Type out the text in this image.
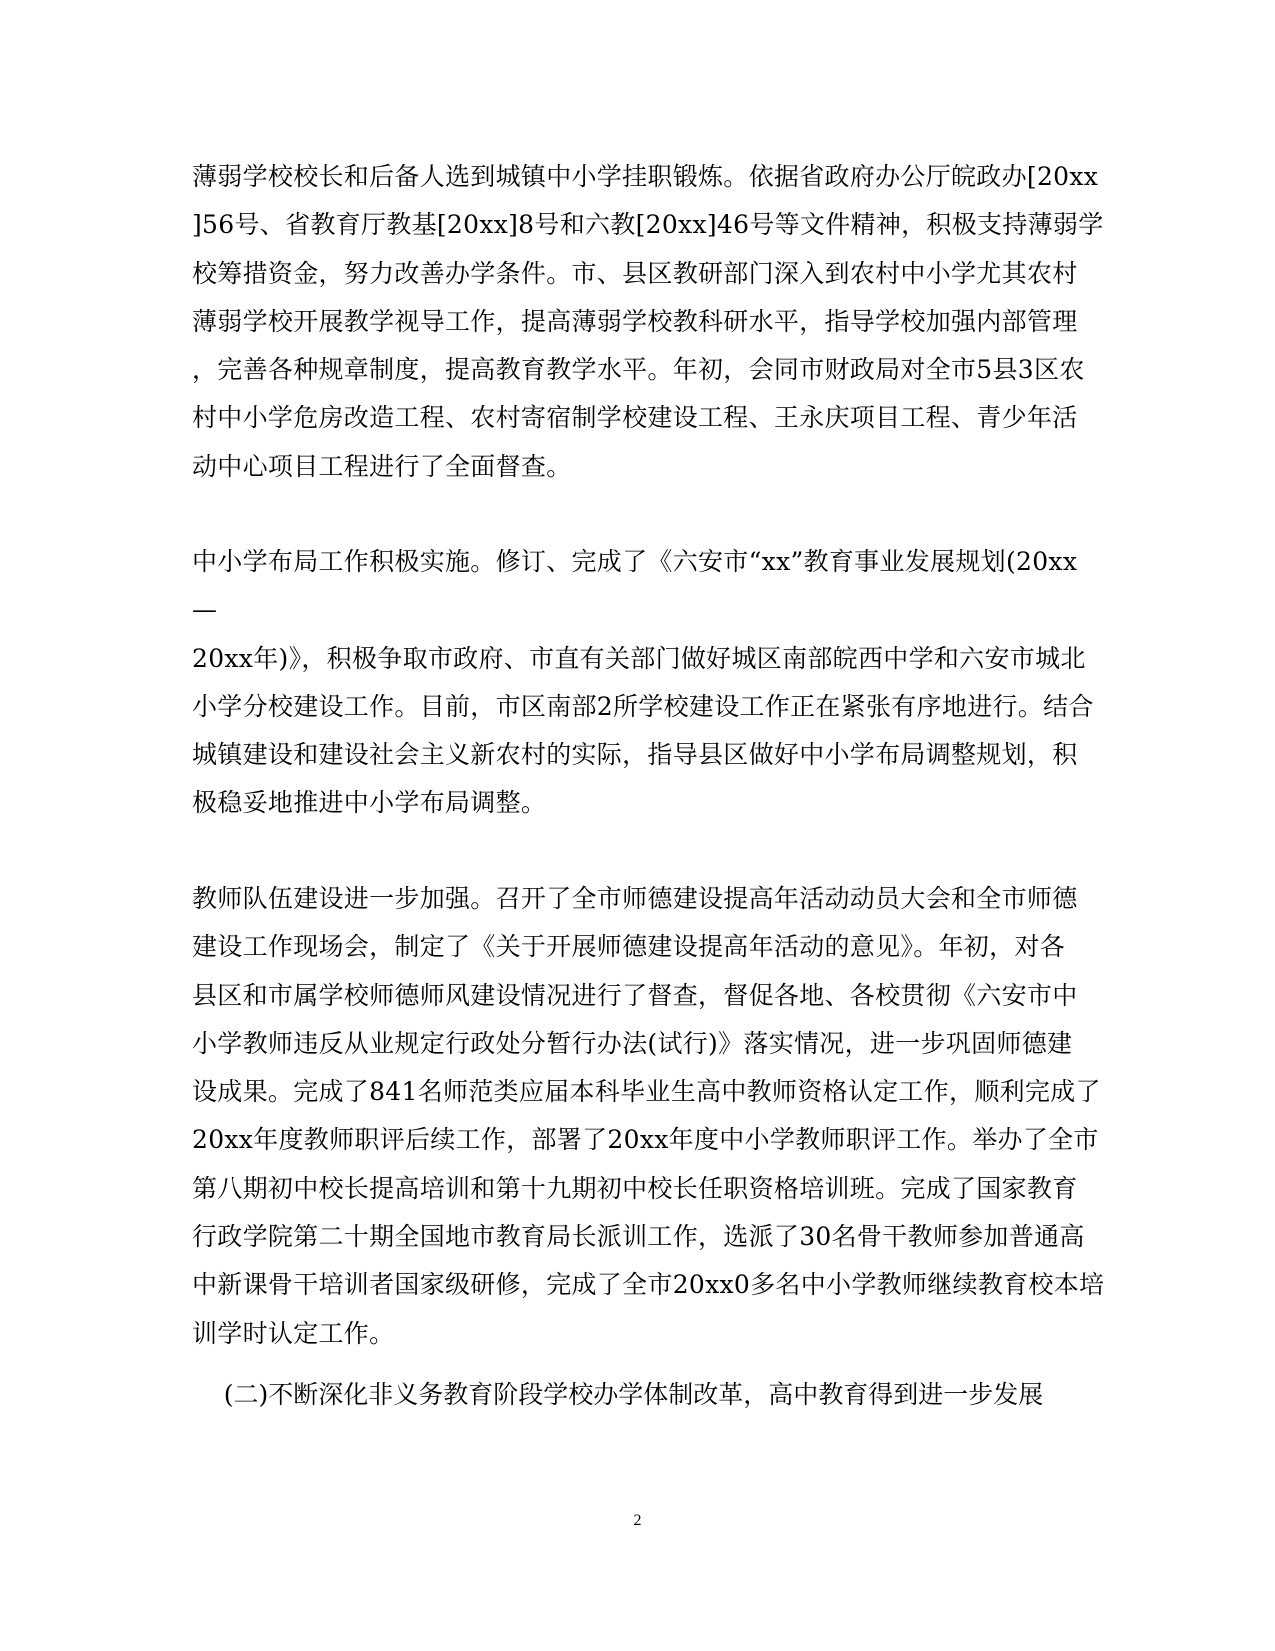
薄弱学校校长和后备人选到城镇中小学挂职锻炼。依据省政府办公厅皖政办[20xx
]56号、省教育厅教基[20xx]8号和六教[20xx]46号等文件精神，积极支持薄弱学
校筹措资金，努力改善办学条件。市、县区教研部门深入到农村中小学尤其农村
薄弱学校开展教学视导工作，提高薄弱学校教科研水平，指导学校加强内部管理
，完善各种规章制度，提高教育教学水平。年初，会同市财政局对全市5县3区农
村中小学危房改造工程、农村寄宿制学校建设工程、王永庆项目工程、青少年活
动中心项目工程进行了全面督查。
中小学布局工作积极实施。修订、完成了《六安市“xx”教育事业发展规划(20xx
—
20xx年)》，积极争取市政府、市直有关部门做好城区南部皖西中学和六安市城北
小学分校建设工作。目前，市区南部2所学校建设工作正在紧张有序地进行。结合
城镇建设和建设社会主义新农村的实际，指导县区做好中小学布局调整规划，积
极稳妥地推进中小学布局调整。
教师队伍建设进一步加强。召开了全市师德建设提高年活动动员大会和全市师德
建设工作现场会，制定了《关于开展师德建设提高年活动的意见》。年初，对各
县区和市属学校师德师风建设情况进行了督查，督促各地、各校贯彻《六安市中
小学教师违反从业规定行政处分暂行办法(试行)》落实情况，进一步巩固师德建
设成果。完成了841名师范类应届本科毕业生高中教师资格认定工作，顺利完成了
20xx年度教师职评后续工作，部署了20xx年度中小学教师职评工作。举办了全市
第八期初中校长提高培训和第十九期初中校长任职资格培训班。完成了国家教育
行政学院第二十期全国地市教育局长派训工作，选派了30名骨干教师参加普通高
中新课骨干培训者国家级研修，完成了全市20xx0多名中小学教师继续教育校本培
训学时认定工作。
(二)不断深化非义务教育阶段学校办学体制改革，高中教育得到进一步发展
2
